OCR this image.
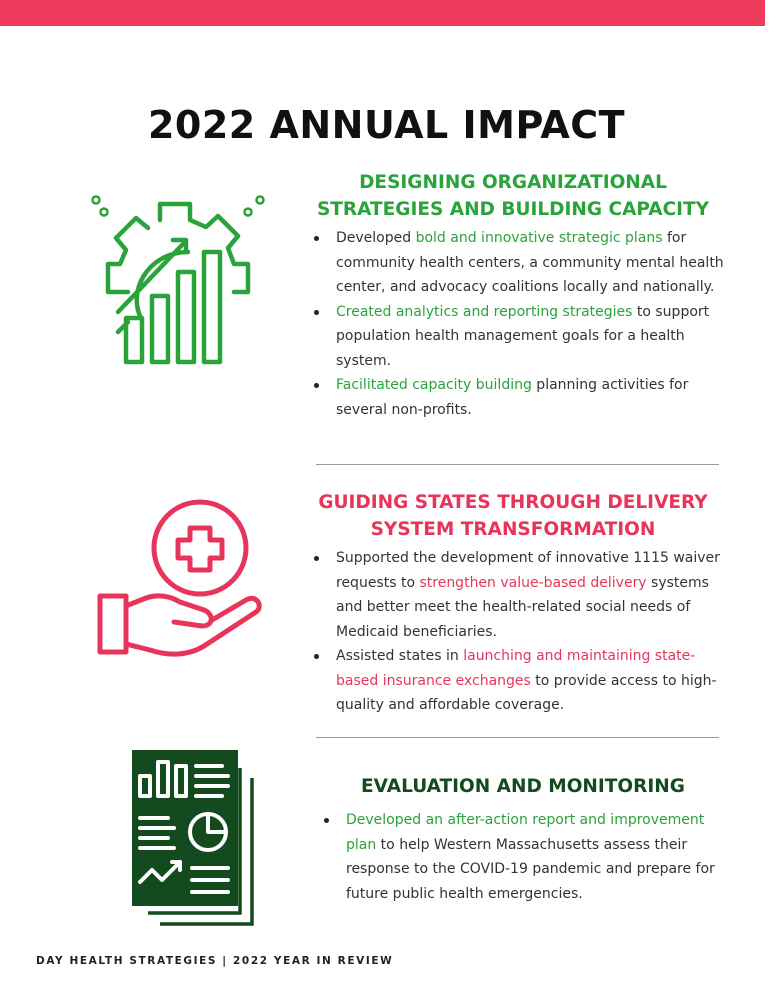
2022 ANNUAL IMPACT
DESIGNING ORGANIZATIONAL
STRATEGIES AND BUILDING CAPACITY
Developed bold and innovative strategic plans for community health centers, a community mental health center, and advocacy coalitions locally and nationally.
Created analytics and reporting strategies to support population health management goals for a health system.
Facilitated capacity building planning activities for several non-profits.
GUIDING STATES THROUGH DELIVERY
SYSTEM TRANSFORMATION
Supported the development of innovative 1115 waiver requests to strengthen value-based delivery systems and better meet the health-related social needs of Medicaid beneficiaries.
Assisted states in launching and maintaining state-based insurance exchanges to provide access to high-quality and affordable coverage.
EVALUATION AND MONITORING
Developed an after-action report and improvement plan to help Western Massachusetts assess their response to the COVID-19 pandemic and prepare for future public health emergencies.
DAY HEALTH STRATEGIES | 2022 YEAR IN REVIEW
